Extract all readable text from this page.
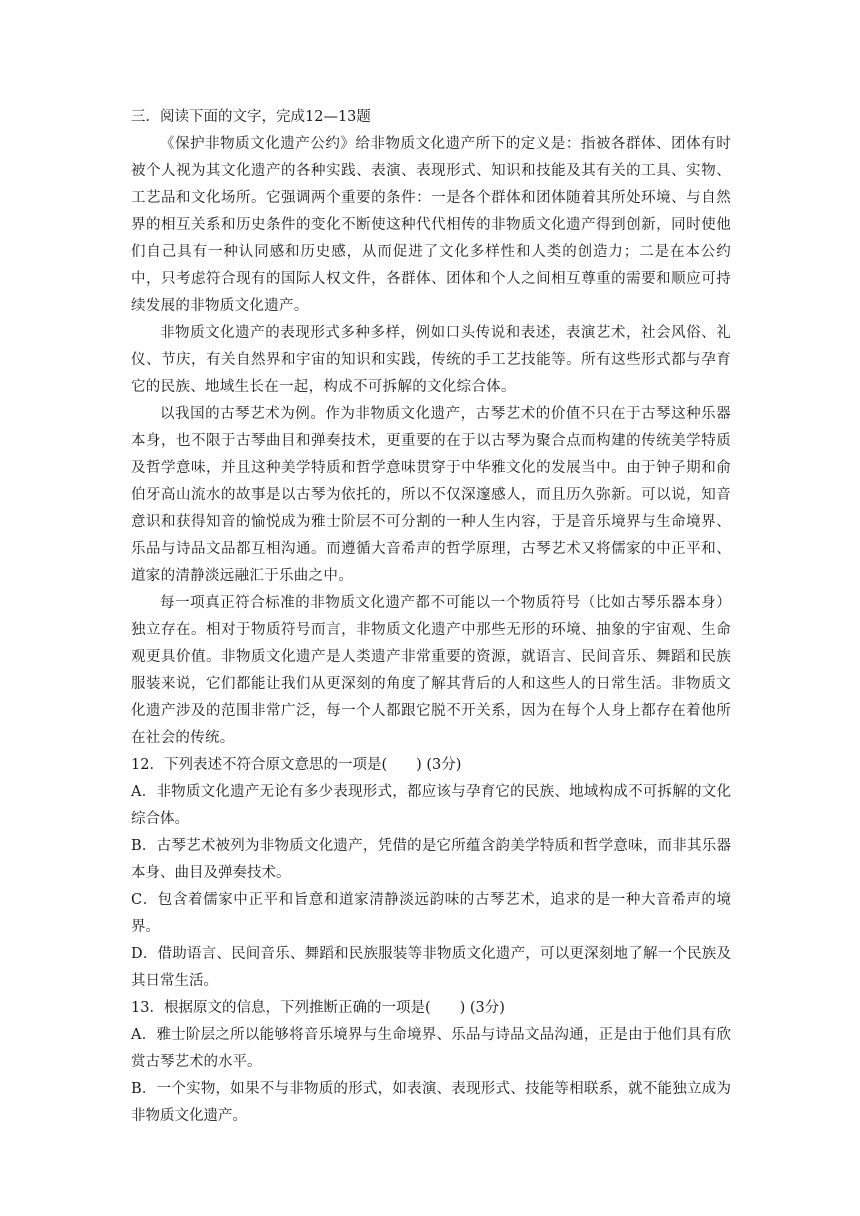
三．阅读下面的文字，完成12—13题

《保护非物质文化遗产公约》给非物质文化遗产所下的定义是：指被各群体、团体有时被个人视为其文化遗产的各种实践、表演、表现形式、知识和技能及其有关的工具、实物、工艺品和文化场所。它强调两个重要的条件：一是各个群体和团体随着其所处环境、与自然界的相互关系和历史条件的变化不断使这种代代相传的非物质文化遗产得到创新，同时使他们自己具有一种认同感和历史感，从而促进了文化多样性和人类的创造力；二是在本公约中，只考虑符合现有的国际人权文件，各群体、团体和个人之间相互尊重的需要和顺应可持续发展的非物质文化遗产。

非物质文化遗产的表现形式多种多样，例如口头传说和表述，表演艺术，社会风俗、礼仪、节庆，有关自然界和宇宙的知识和实践，传统的手工艺技能等。所有这些形式都与孕育它的民族、地域生长在一起，构成不可拆解的文化综合体。

以我国的古琴艺术为例。作为非物质文化遗产，古琴艺术的价值不只在于古琴这种乐器本身，也不限于古琴曲目和弹奏技术，更重要的在于以古琴为聚合点而构建的传统美学特质及哲学意味，并且这种美学特质和哲学意味贯穿于中华雅文化的发展当中。由于钟子期和俞伯牙高山流水的故事是以古琴为依托的，所以不仅深邃感人，而且历久弥新。可以说，知音意识和获得知音的愉悦成为雅士阶层不可分割的一种人生内容，于是音乐境界与生命境界、乐品与诗品文品都互相沟通。而遵循大音希声的哲学原理，古琴艺术又将儒家的中正平和、道家的清静淡远融汇于乐曲之中。

每一项真正符合标准的非物质文化遗产都不可能以一个物质符号（比如古琴乐器本身）独立存在。相对于物质符号而言，非物质文化遗产中那些无形的环境、抽象的宇宙观、生命观更具价值。非物质文化遗产是人类遗产非常重要的资源，就语言、民间音乐、舞蹈和民族服装来说，它们都能让我们从更深刻的角度了解其背后的人和这些人的日常生活。非物质文化遗产涉及的范围非常广泛，每一个人都跟它脱不开关系，因为在每个人身上都存在着他所在社会的传统。

12．下列表述不符合原文意思的一项是(　　) (3分)

A．非物质文化遗产无论有多少表现形式，都应该与孕育它的民族、地域构成不可拆解的文化综合体。

B．古琴艺术被列为非物质文化遗产，凭借的是它所蕴含韵美学特质和哲学意味，而非其乐器本身、曲目及弹奏技术。

C．包含着儒家中正平和旨意和道家清静淡远韵味的古琴艺术，追求的是一种大音希声的境界。

D．借助语言、民间音乐、舞蹈和民族服装等非物质文化遗产，可以更深刻地了解一个民族及其日常生活。

13．根据原文的信息，下列推断正确的一项是(　　) (3分)

A．雅士阶层之所以能够将音乐境界与生命境界、乐品与诗品文品沟通，正是由于他们具有欣赏古琴艺术的水平。

B．一个实物，如果不与非物质的形式，如表演、表现形式、技能等相联系，就不能独立成为非物质文化遗产。
